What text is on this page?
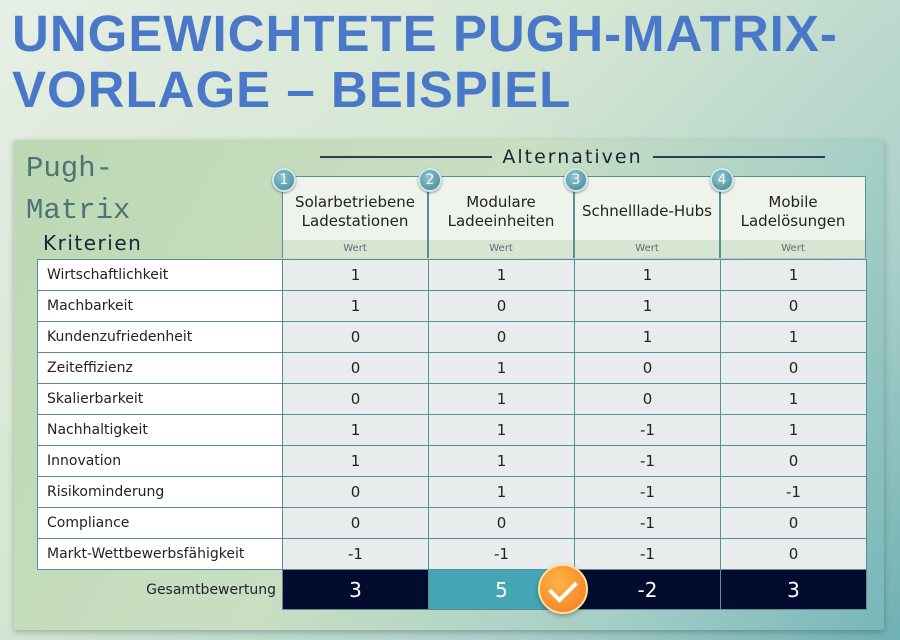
UNGEWICHTETE PUGH-MATRIX-VORLAGE – BEISPIEL
Pugh-
Matrix
Kriterien
Alternativen
Solarbetriebene Ladestationen
Wert
1
Modulare Ladeeinheiten
Wert
2
Schnelllade-Hubs
Wert
3
Mobile Ladelösungen
Wert
4
Wirtschaftlichkeit	1	1	1	1
Machbarkeit	1	0	1	0
Kundenzufriedenheit	0	0	1	1
Zeiteffizienz	0	1	0	0
Skalierbarkeit	0	1	0	1
Nachhaltigkeit	1	1	-1	1
Innovation	1	1	-1	0
Risikominderung	0	1	-1	-1
Compliance	0	0	-1	0
Markt-Wettbewerbsfähigkeit	-1	-1	-1	0
Gesamtbewertung	3	5	-2	3
